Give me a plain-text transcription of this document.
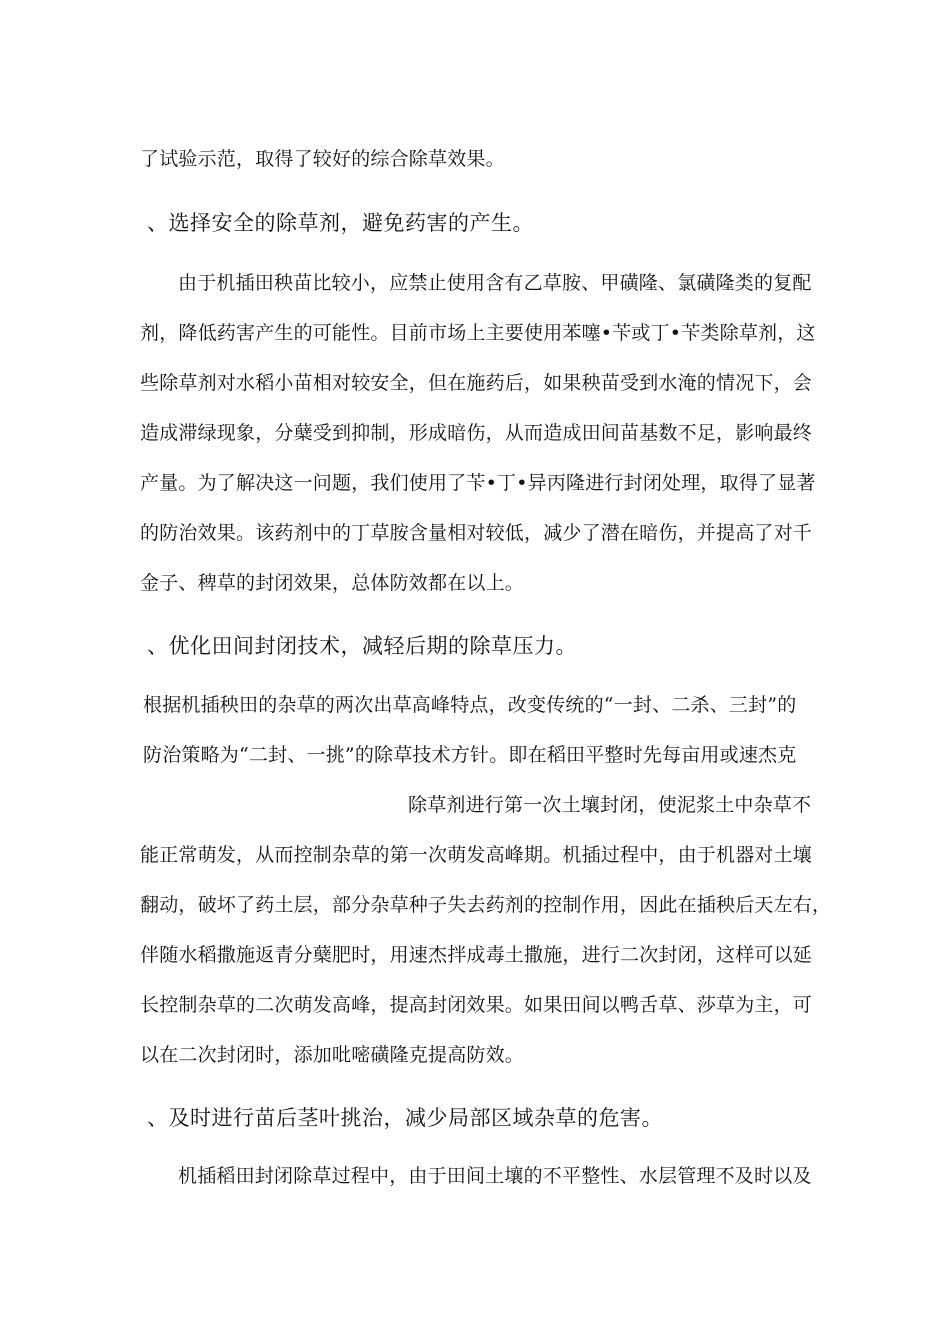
了试验示范，取得了较好的综合除草效果。
、选择安全的除草剂，避免药害的产生。
由于机插田秧苗比较小，应禁止使用含有乙草胺、甲磺隆、氯磺隆类的复配
剂，降低药害产生的可能性。目前市场上主要使用苯噻•苄或丁•苄类除草剂，这
些除草剂对水稻小苗相对较安全，但在施药后，如果秧苗受到水淹的情况下，会
造成滞绿现象，分蘖受到抑制，形成暗伤，从而造成田间苗基数不足，影响最终
产量。为了解决这一问题，我们使用了苄•丁•异丙隆进行封闭处理，取得了显著
的防治效果。该药剂中的丁草胺含量相对较低，减少了潜在暗伤，并提高了对千
金子、稗草的封闭效果，总体防效都在以上。
、优化田间封闭技术，减轻后期的除草压力。
根据机插秧田的杂草的两次出草高峰特点，改变传统的“一封、二杀、三封”的
防治策略为“二封、一挑”的除草技术方针。即在稻田平整时先每亩用或速杰克
除草剂进行第一次土壤封闭，使泥浆土中杂草不
能正常萌发，从而控制杂草的第一次萌发高峰期。机插过程中，由于机器对土壤
翻动，破坏了药土层，部分杂草种子失去药剂的控制作用，因此在插秧后天左右，
伴随水稻撒施返青分蘖肥时，用速杰拌成毒土撒施，进行二次封闭，这样可以延
长控制杂草的二次萌发高峰，提高封闭效果。如果田间以鸭舌草、莎草为主，可
以在二次封闭时，添加吡嘧磺隆克提高防效。
、及时进行苗后茎叶挑治，减少局部区域杂草的危害。
机插稻田封闭除草过程中，由于田间土壤的不平整性、水层管理不及时以及
